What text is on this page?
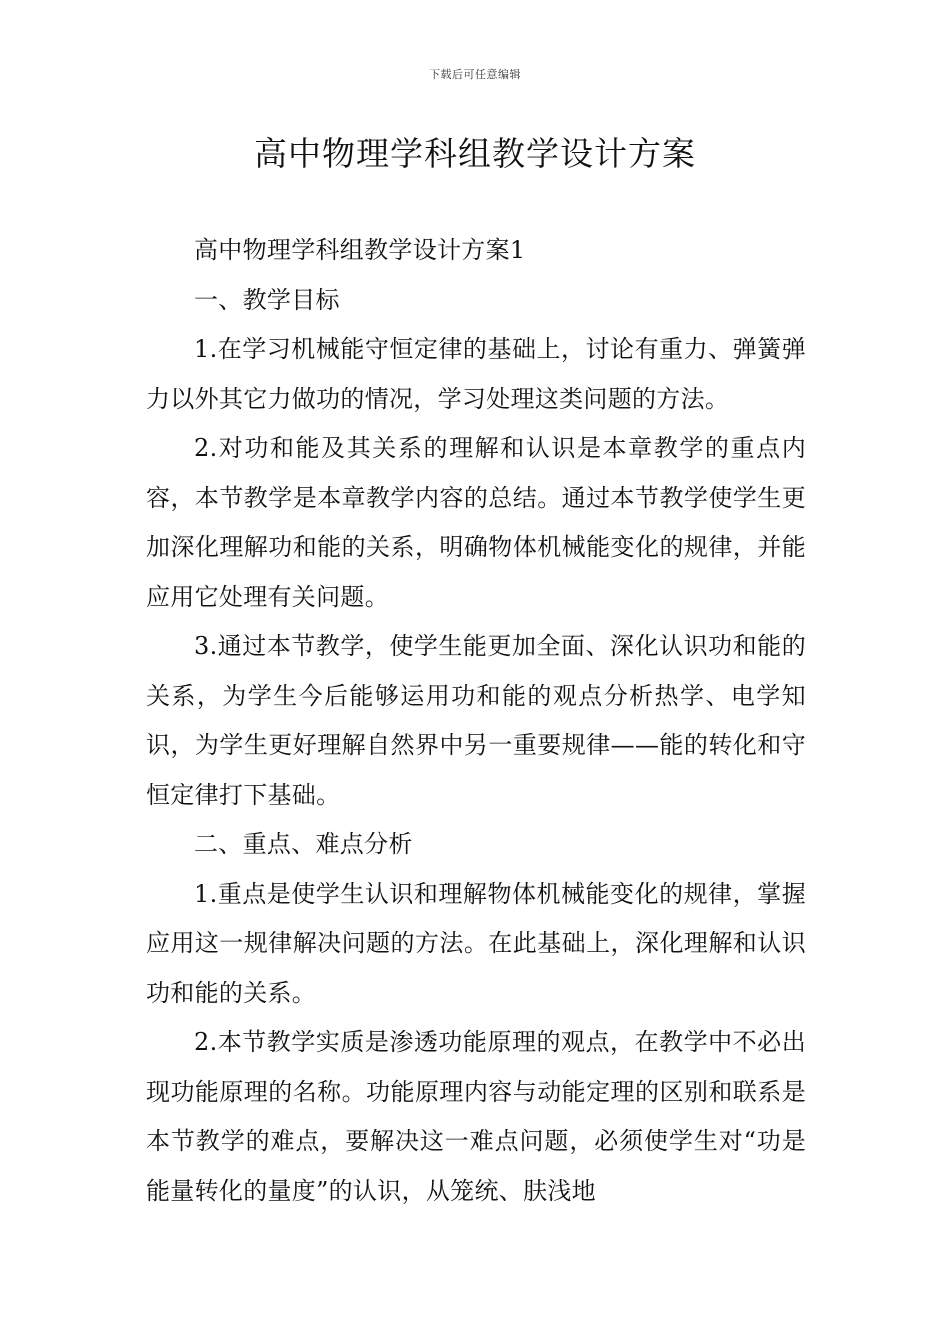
下载后可任意编辑
高中物理学科组教学设计方案

高中物理学科组教学设计方案1

一、教学目标

1.在学习机械能守恒定律的基础上，讨论有重力、弹簧弹力以外其它力做功的情况，学习处理这类问题的方法。

2.对功和能及其关系的理解和认识是本章教学的重点内容，本节教学是本章教学内容的总结。通过本节教学使学生更加深化理解功和能的关系，明确物体机械能变化的规律，并能应用它处理有关问题。

3.通过本节教学，使学生能更加全面、深化认识功和能的关系，为学生今后能够运用功和能的观点分析热学、电学知识，为学生更好理解自然界中另一重要规律——能的转化和守恒定律打下基础。

二、重点、难点分析

1.重点是使学生认识和理解物体机械能变化的规律，掌握应用这一规律解决问题的方法。在此基础上，深化理解和认识功和能的关系。

2.本节教学实质是渗透功能原理的观点，在教学中不必出现功能原理的名称。功能原理内容与动能定理的区别和联系是本节教学的难点，要解决这一难点问题，必须使学生对“功是能量转化的量度”的认识，从笼统、肤浅地
